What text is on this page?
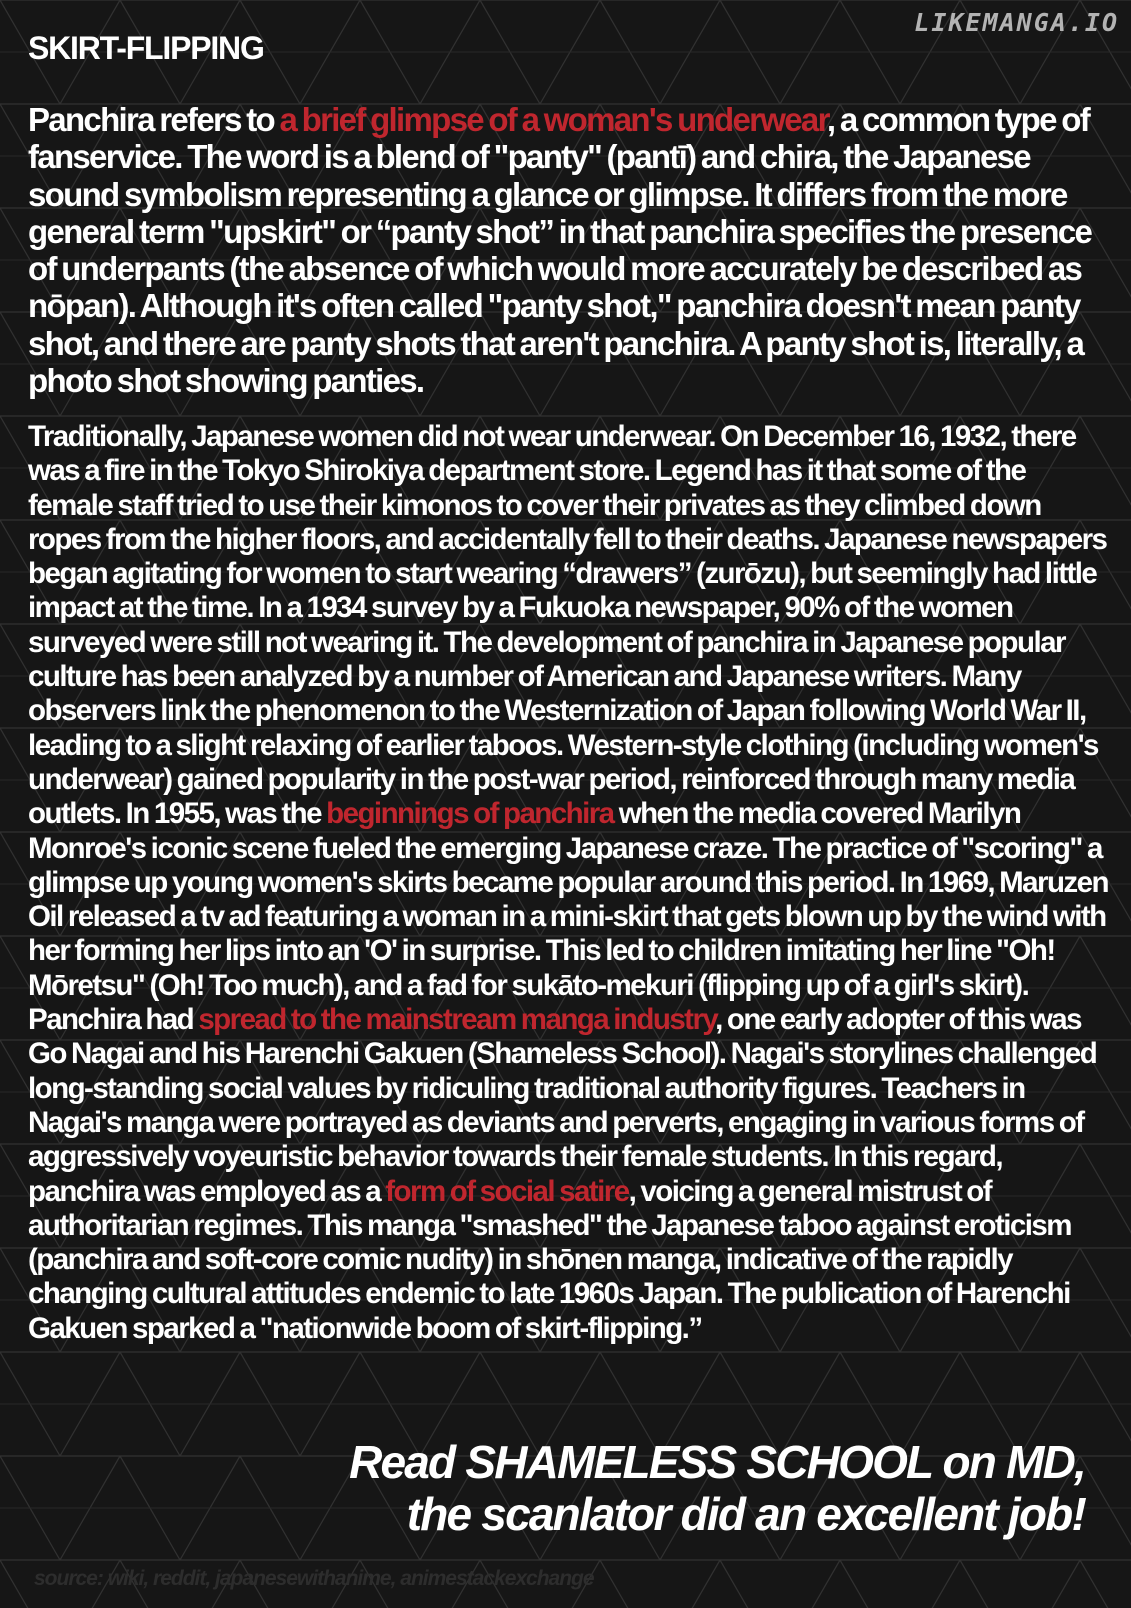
LIKEMANGA.IO
SKIRT-FLIPPING

Panchira refers to a brief glimpse of a woman's underwear, a common type of fanservice. The word is a blend of "panty" (pantī) and chira, the Japanese sound symbolism representing a glance or glimpse. It differs from the more general term "upskirt" or “panty shot” in that panchira specifies the presence of underpants (the absence of which would more accurately be described as nōpan). Although it's often called "panty shot," panchira doesn't mean panty shot, and there are panty shots that aren't panchira. A panty shot is, literally, a photo shot showing panties.

Traditionally, Japanese women did not wear underwear. On December 16, 1932, there was a fire in the Tokyo Shirokiya department store. Legend has it that some of the female staff tried to use their kimonos to cover their privates as they climbed down ropes from the higher floors, and accidentally fell to their deaths. Japanese newspapers began agitating for women to start wearing “drawers” (zurōzu), but seemingly had little impact at the time. In a 1934 survey by a Fukuoka newspaper, 90% of the women surveyed were still not wearing it. The development of panchira in Japanese popular culture has been analyzed by a number of American and Japanese writers. Many observers link the phenomenon to the Westernization of Japan following World War II, leading to a slight relaxing of earlier taboos. Western-style clothing (including women's underwear) gained popularity in the post-war period, reinforced through many media outlets. In 1955, was the beginnings of panchira when the media covered Marilyn Monroe's iconic scene fueled the emerging Japanese craze. The practice of "scoring" a glimpse up young women's skirts became popular around this period. In 1969, Maruzen Oil released a tv ad featuring a woman in a mini-skirt that gets blown up by the wind with her forming her lips into an 'O' in surprise. This led to children imitating her line "Oh! Mōretsu" (Oh! Too much), and a fad for sukāto-mekuri (flipping up of a girl's skirt). Panchira had spread to the mainstream manga industry, one early adopter of this was Go Nagai and his Harenchi Gakuen (Shameless School). Nagai's storylines challenged long-standing social values by ridiculing traditional authority figures. Teachers in Nagai's manga were portrayed as deviants and perverts, engaging in various forms of aggressively voyeuristic behavior towards their female students. In this regard, panchira was employed as a form of social satire, voicing a general mistrust of authoritarian regimes. This manga "smashed" the Japanese taboo against eroticism (panchira and soft-core comic nudity) in shōnen manga, indicative of the rapidly changing cultural attitudes endemic to late 1960s Japan. The publication of Harenchi Gakuen sparked a "nationwide boom of skirt-flipping.”

Read SHAMELESS SCHOOL on MD,
the scanlator did an excellent job!
source: wiki, reddit, japanesewithanime, animestackexchange
